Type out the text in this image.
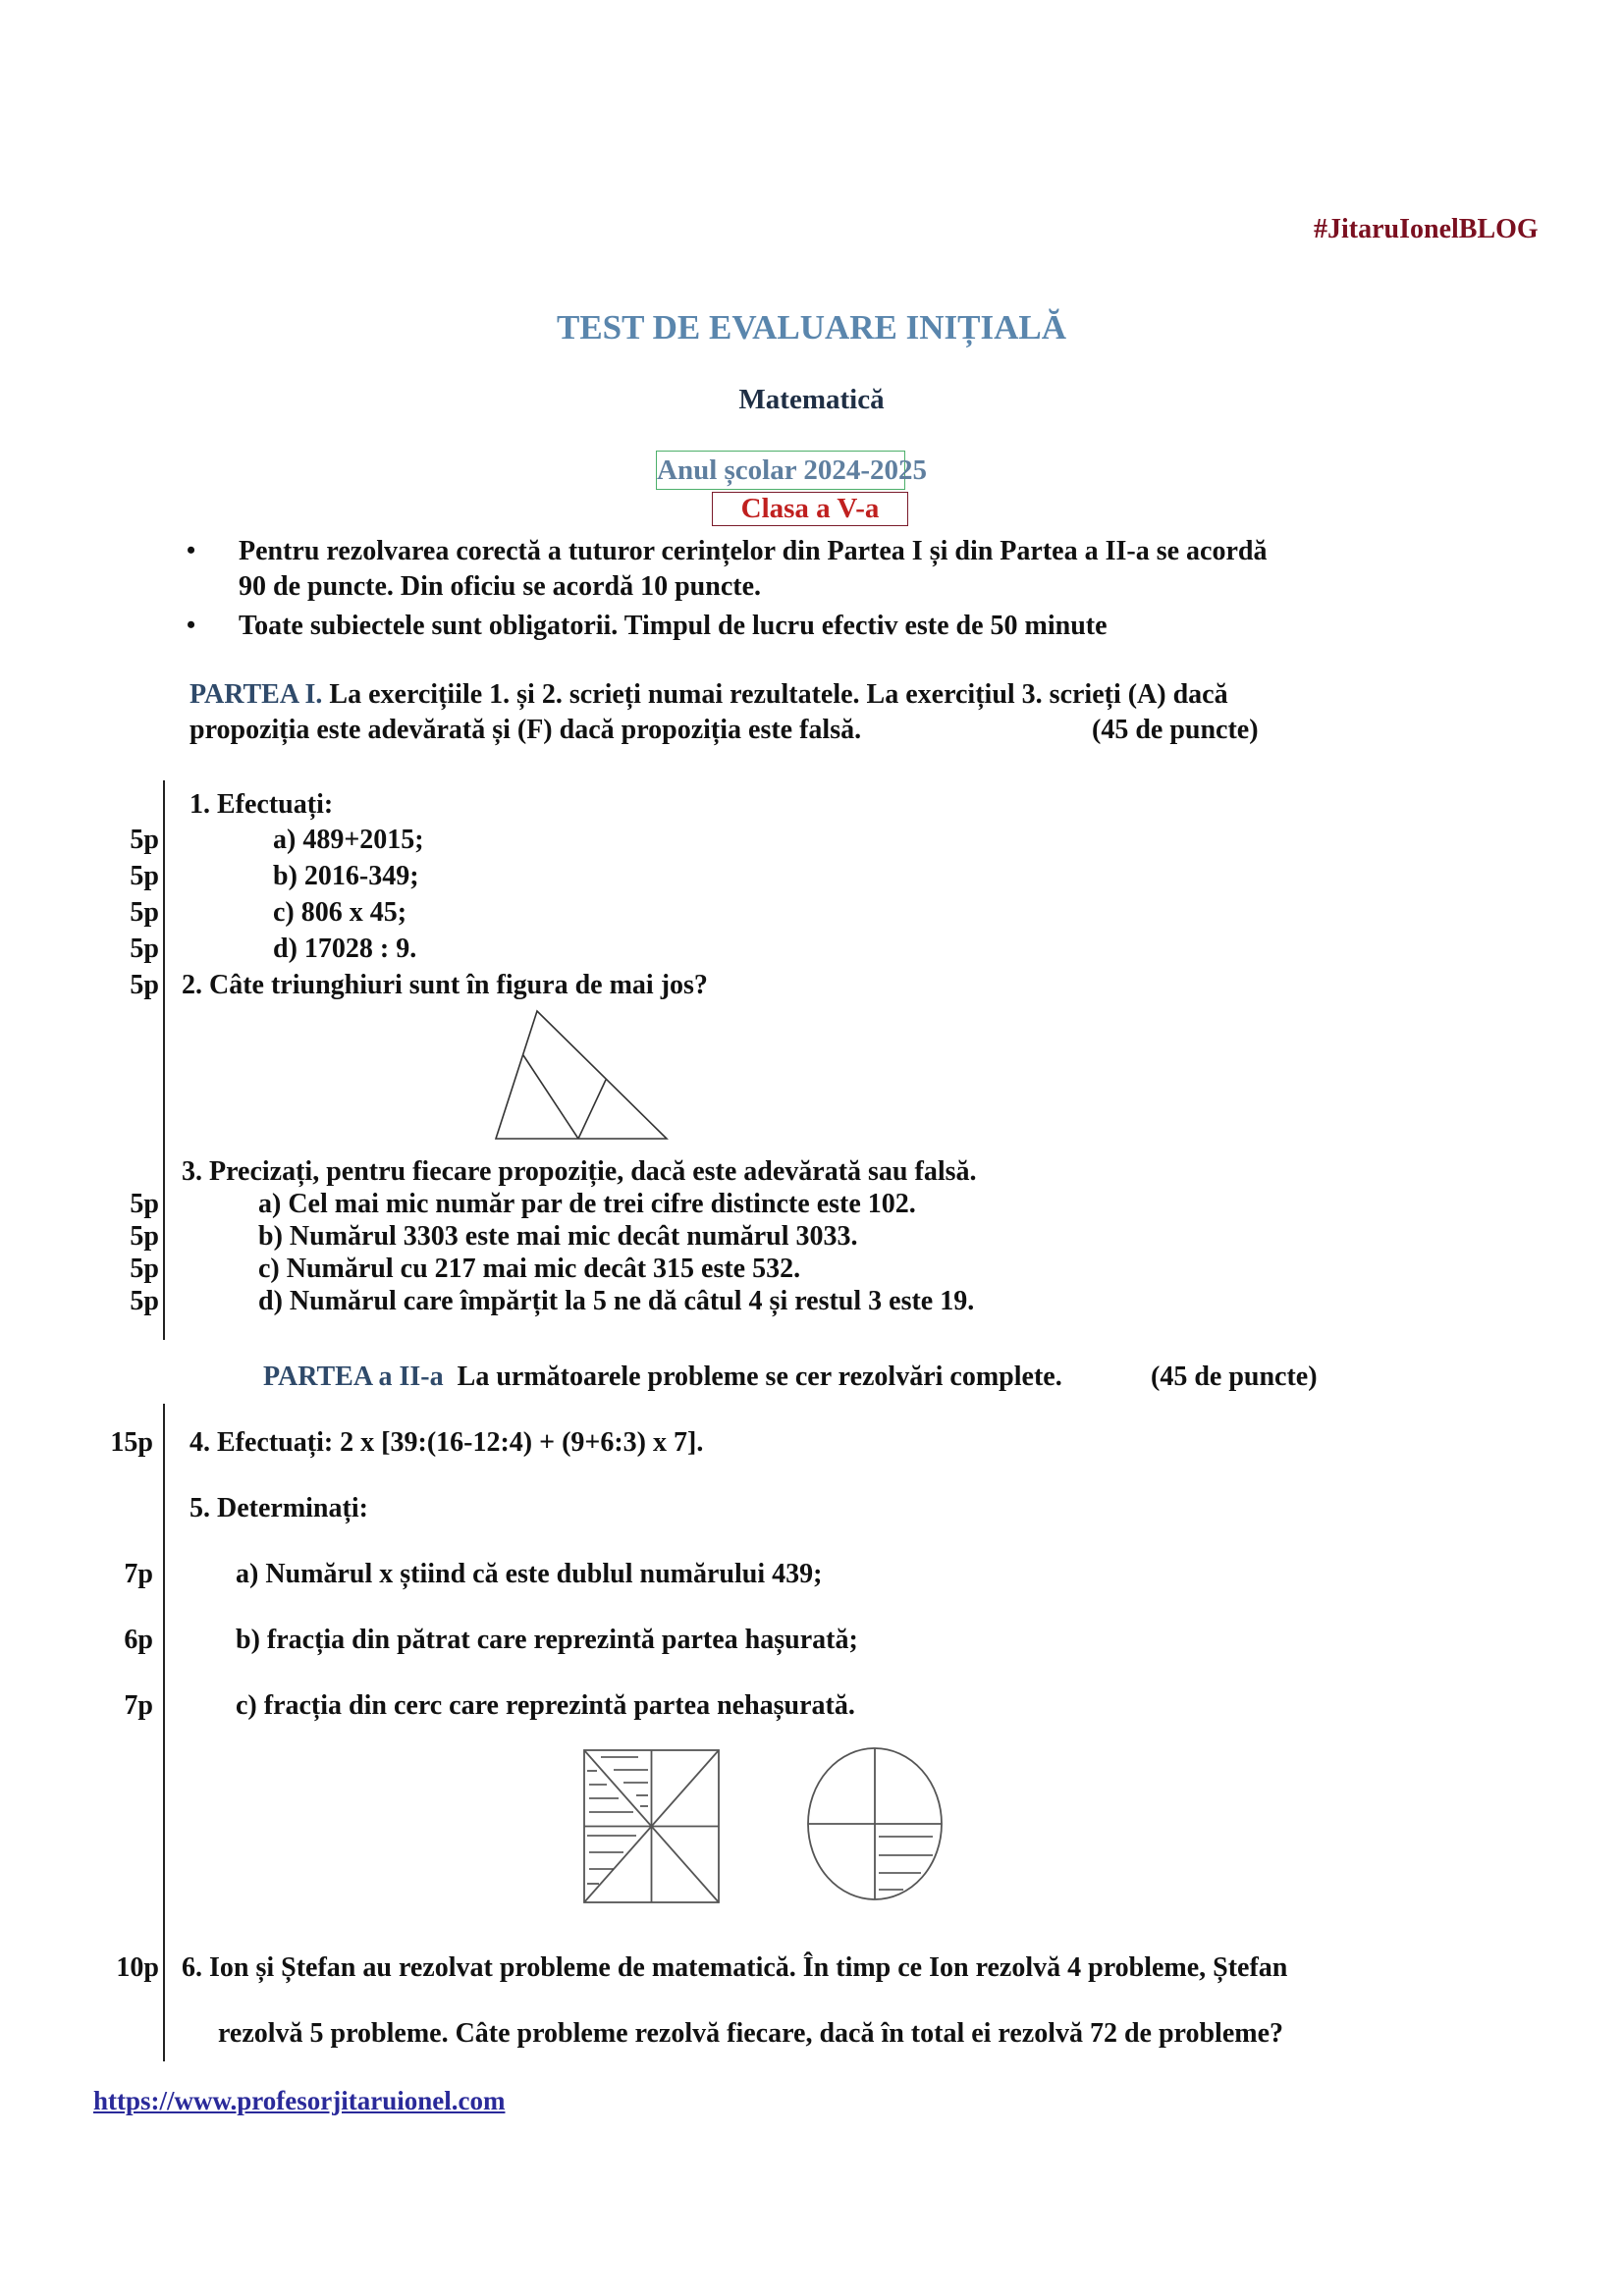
#JitaruIonelBLOG
TEST DE EVALUARE INIȚIALĂ
Matematică
Anul școlar 2024-2025
Clasa a V-a
• Pentru rezolvarea corectă a tuturor cerințelor din Partea I și din Partea a II-a se acordă
90 de puncte. Din oficiu se acordă 10 puncte.
• Toate subiectele sunt obligatorii. Timpul de lucru efectiv este de 50 minute
PARTEA I. La exercițiile 1. și 2. scrieți numai rezultatele. La exercițiul 3. scrieți (A) dacă
propoziția este adevărată și (F) dacă propoziția este falsă.	(45 de puncte)
1. Efectuați:
5p	a) 489+2015;
5p	b) 2016-349;
5p	c) 806 x 45;
5p	d) 17028 : 9.
5p 2. Câte triunghiuri sunt în figura de mai jos?
3. Precizați, pentru fiecare propoziție, dacă este adevărată sau falsă.
5p	a) Cel mai mic număr par de trei cifre distincte este 102.
5p	b) Numărul 3303 este mai mic decât numărul 3033.
5p	c) Numărul cu 217 mai mic decât 315 este 532.
5p	d) Numărul care împărțit la 5 ne dă câtul 4 și restul 3 este 19.
PARTEA a II-a La următoarele probleme se cer rezolvări complete.	(45 de puncte)
15p 4. Efectuați: 2 x [39:(16-12:4) + (9+6:3) x 7].
5. Determinați:
7p	a) Numărul x știind că este dublul numărului 439;
6p	b) fracția din pătrat care reprezintă partea hașurată;
7p	c) fracția din cerc care reprezintă partea nehașurată.
10p 6. Ion și Ștefan au rezolvat probleme de matematică. În timp ce Ion rezolvă 4 probleme, Ștefan
rezolvă 5 probleme. Câte probleme rezolvă fiecare, dacă în total ei rezolvă 72 de probleme?
https://www.profesorjitaruionel.com
